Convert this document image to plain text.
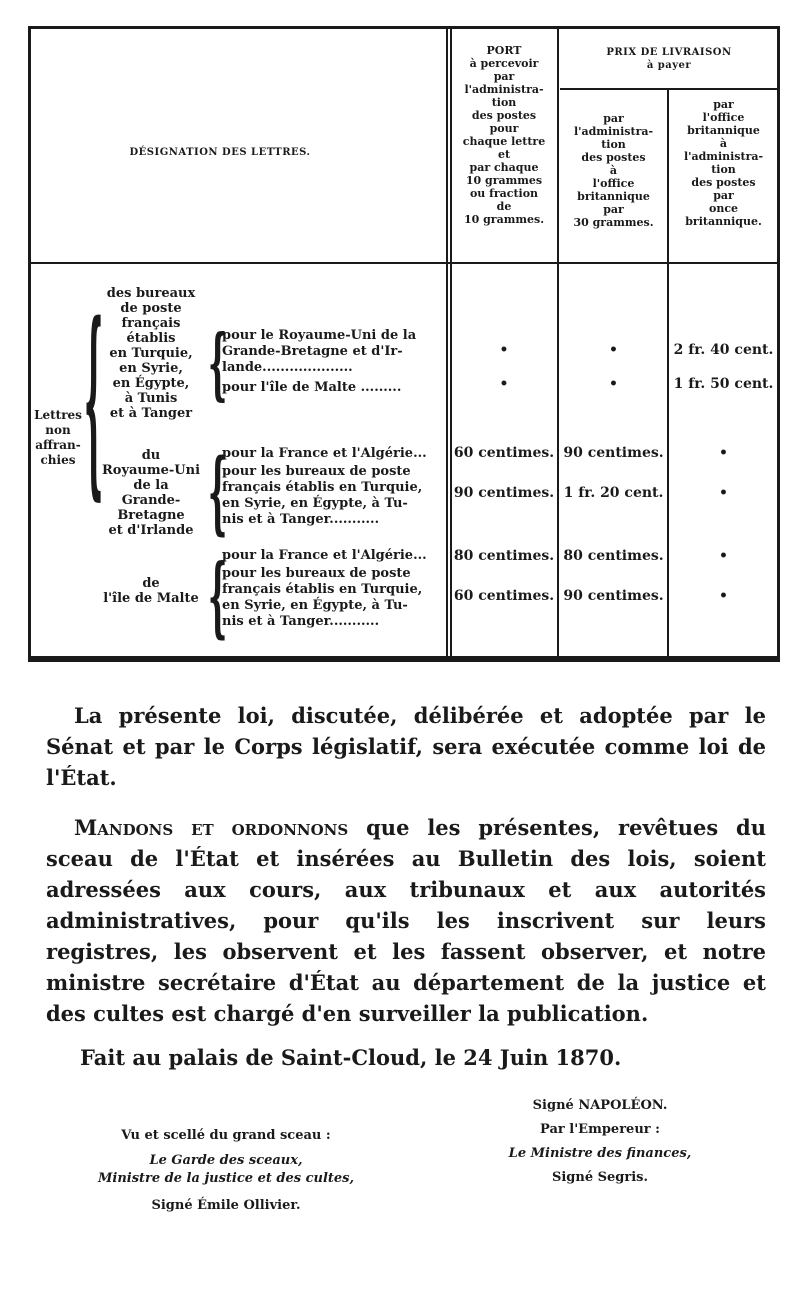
DÉSIGNATION DES LETTRES.
PORT
à percevoir
par
l'administra-
tion
des postes
pour
chaque lettre
et
par chaque
10 grammes
ou fraction
de
10 grammes.
PRIX DE LIVRAISON
à payer
par
l'administra-
tion
des postes
à
l'office
britannique
par
30 grammes.
par
l'office
britannique
à
l'administra-
tion
des postes
par
once
britannique.
Lettres
non
affran-
chies { des bureaux
de poste
français
établis
en Turquie,
en Syrie,
en Égypte,
à Tunis
et à Tanger
{
pour le Royaume-Uni de la
Grande-Bretagne et d'Ir-
lande....................
pour l'île de Malte .........
•
•
•
•
2 fr. 40 cent.
1 fr. 50 cent.
du
Royaume-Uni
de la
Grande-
Bretagne
et d'Irlande {
pour la France et l'Algérie...
pour les bureaux de poste
français établis en Turquie,
en Syrie, en Égypte, à Tu-
nis et à Tanger...........
60 centimes.
90 centimes.
90 centimes.
1 fr. 20 cent.
•
•
de
l'île de Malte {
pour la France et l'Algérie...
pour les bureaux de poste
français établis en Turquie,
en Syrie, en Égypte, à Tu-
nis et à Tanger...........
80 centimes.
60 centimes.
80 centimes.
90 centimes.
•
•
La présente loi, discutée, délibérée et adoptée par le Sénat et par le Corps législatif, sera exécutée comme loi de l'État.
Mandons et ordonnons que les présentes, revêtues du sceau de l'État et insérées au Bulletin des lois, soient adressées aux cours, aux tribunaux et aux autorités administratives, pour qu'ils les inscrivent sur leurs registres, les observent et les fassent observer, et notre ministre secrétaire d'État au département de la justice et des cultes est chargé d'en surveiller la publication.
Fait au palais de Saint-Cloud, le 24 Juin 1870.
Vu et scellé du grand sceau :
Le Garde des sceaux,
Ministre de la justice et des cultes,
Signé Émile Ollivier.
Signé NAPOLÉON.
Par l'Empereur :
Le Ministre des finances,
Signé Segris.
